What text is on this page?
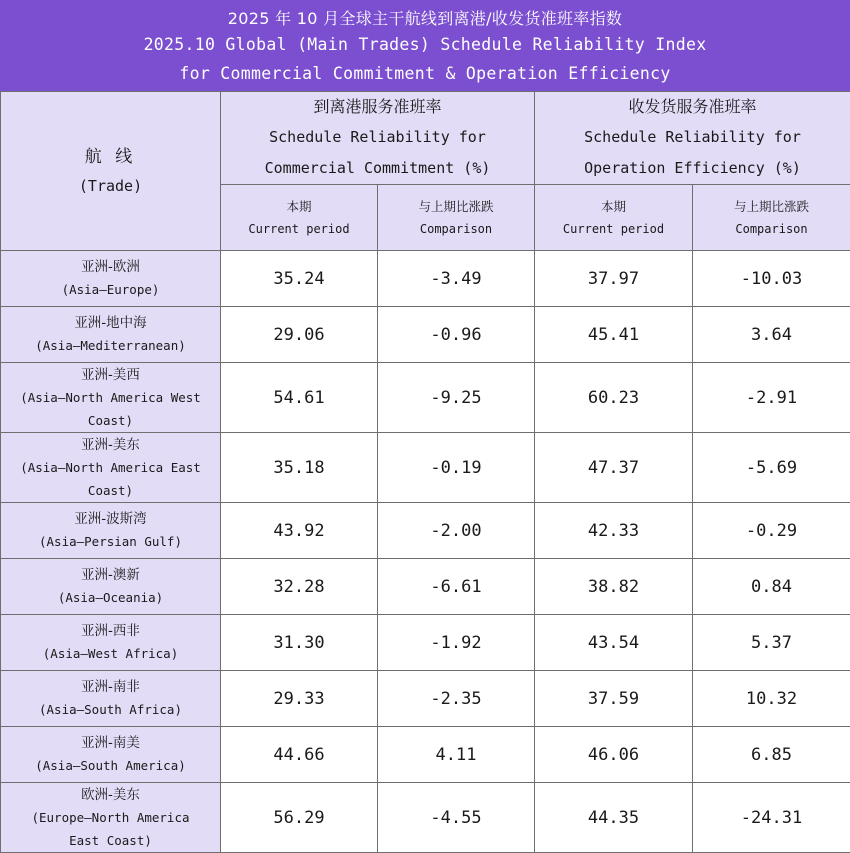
2025 年 10 月全球主干航线到离港/收发货准班率指数
2025.10 Global (Main Trades) Schedule Reliability Index
for Commercial Commitment & Operation Efficiency
航 线
(Trade)	到离港服务准班率
Schedule Reliability for
Commercial Commitment (%)		收发货服务准班率
Schedule Reliability for
Operation Efficiency (%)	

	本期
Current period	与上期比涨跌
Comparison	本期
Current period	与上期比涨跌
Comparison

亚洲-欧洲
(Asia—Europe)	35.24	-3.49	37.97	-10.03

亚洲-地中海
(Asia—Mediterranean)	29.06	-0.96	45.41	3.64

亚洲-美西
(Asia—North America West
Coast)	54.61	-9.25	60.23	-2.91

亚洲-美东
(Asia—North America East
Coast)	35.18	-0.19	47.37	-5.69

亚洲-波斯湾
(Asia—Persian Gulf)	43.92	-2.00	42.33	-0.29

亚洲-澳新
(Asia—Oceania)	32.28	-6.61	38.82	0.84

亚洲-西非
(Asia—West Africa)	31.30	-1.92	43.54	5.37

亚洲-南非
(Asia—South Africa)	29.33	-2.35	37.59	10.32

亚洲-南美
(Asia—South America)	44.66	4.11	46.06	6.85

欧洲-美东
(Europe—North America
East Coast)	56.29	-4.55	44.35	-24.31
